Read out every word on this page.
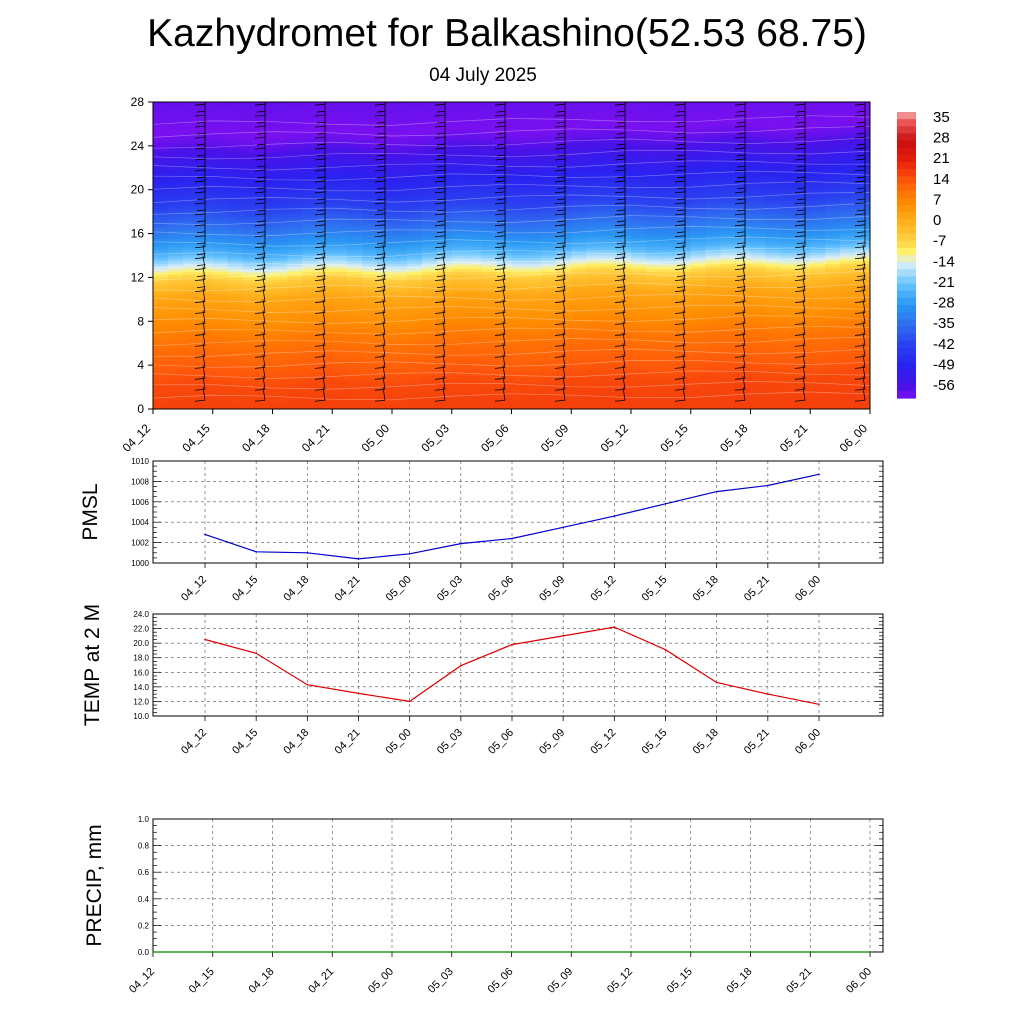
Kazhydromet for Balkashino(52.53 68.75)
04 July 2025
0
4
8
12
16
20
24
28
04_12 04_15 04_18 04_21 05_00 05_03 05_06 05_09 05_12 05_15 05_18 05_21 06_00
35
28
21
14
7
0
-7
-14
-21
-28
-35
-42
-49
-56
1000
1002
1004
1006
1008
1010
04_12 04_15 04_18 04_21 05_00 05_03 05_06 05_09 05_12 05_15 05_18 05_21 06_00
PMSL
10.0
12.0
14.0
16.0
18.0
20.0
22.0
24.0
04_12 04_15 04_18 04_21 05_00 05_03 05_06 05_09 05_12 05_15 05_18 05_21 06_00
TEMP at 2 M
0.0
0.2
0.4
0.6
0.8
1.0
04_12	04_15	04_18	04_21	05_00	05_03	05_06	05_09	05_12	05_15	05_18	05_21	06_00
PRECIP, mm
